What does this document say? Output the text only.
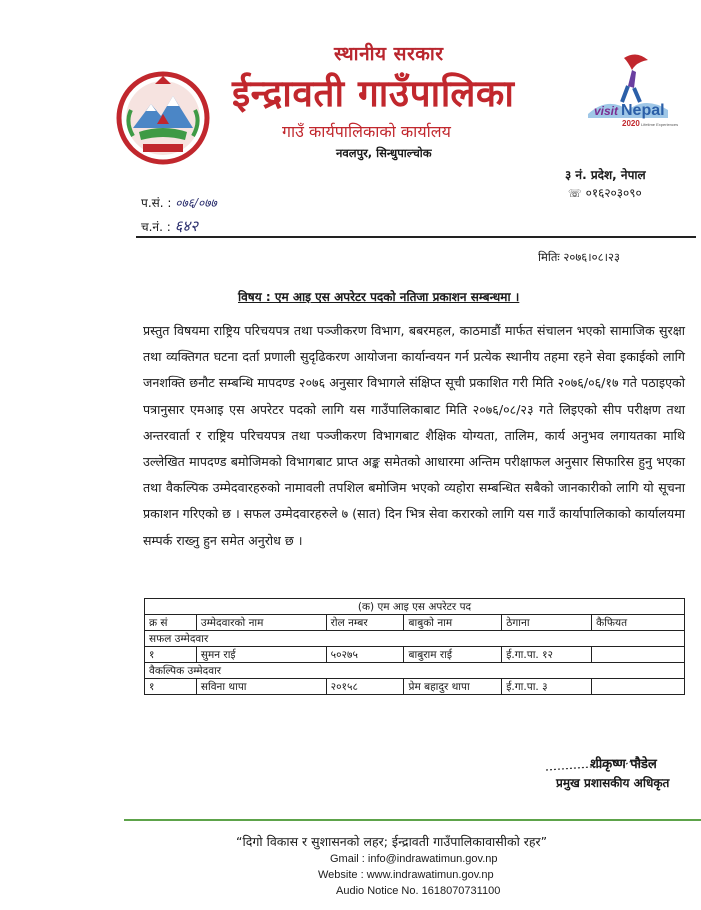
स्थानीय सरकार
ईन्द्रावती गाउँपालिका
गाउँ कार्यपालिकाको कार्यालय
नवलपुर, सिन्धुपाल्चोक
visit Nepal
2020 Lifetime Experiences
३ नं. प्रदेश, नेपाल
☏ ०१६२०३०९०
प.सं. : ०७६/०७७
च.नं. : ६४२
मितिः २०७६।०८।२३
विषय : एम आइ एस अपरेटर पदको नतिजा प्रकाशन सम्बन्धमा ।
प्रस्तुत विषयमा राष्ट्रिय परिचयपत्र तथा पञ्जीकरण विभाग, बबरमहल, काठमाडौं मार्फत संचालन भएको सामाजिक सुरक्षा तथा व्यक्तिगत घटना दर्ता प्रणाली सुदृढिकरण आयोजना कार्यान्वयन गर्न प्रत्येक स्थानीय तहमा रहने सेवा इकाईको लागि जनशक्ति छनौट सम्बन्धि मापदण्ड २०७६ अनुसार विभागले संक्षिप्त सूची प्रकाशित गरी मिति २०७६/०६/१७ गते पठाइएको पत्रानुसार एमआइ एस अपरेटर पदको लागि यस गाउँपालिकाबाट मिति २०७६/०८/२३ गते लिइएको सीप परीक्षण तथा अन्तरवार्ता र राष्ट्रिय परिचयपत्र तथा पञ्जीकरण विभागबाट शैक्षिक योग्यता, तालिम, कार्य अनुभव लगायतका माथि उल्लेखित मापदण्ड बमोजिमको विभागबाट प्राप्त अङ्क समेतको आधारमा अन्तिम परीक्षाफल अनुसार सिफारिस हुनु भएका तथा वैकल्पिक उम्मेदवारहरुको नामावली तपशिल बमोजिम भएको व्यहोरा सम्बन्धित सबैको जानकारीको लागि यो सूचना प्रकाशन गरिएको छ । सफल उम्मेदवारहरुले ७ (सात) दिन भित्र सेवा करारको लागि यस गाउँ कार्यापालिकाको कार्यालयमा सम्पर्क राख्नु हुन समेत अनुरोध छ ।
(क) एम आइ एस अपरेटर पद					
क्र सं	उम्मेदवारको नाम	रोल नम्बर	बाबुको नाम	ठेगाना	कैफियत
सफल उम्मेदवार					
१	सुमन राई	५०२७५	बाबुराम राई	ई.गा.पा. १२	
वैकल्पिक उम्मेदवार					
१	सविना थापा	२०१५८	प्रेम बहादुर थापा	ई.गा.पा. ३	
शीकृष्ण पौडेल
प्रमुख प्रशासकीय अधिकृत
“दिगो विकास र सुशासनको लहर; ईन्द्रावती गाउँपालिकावासीको रहर”
Gmail : info@indrawatimun.gov.np
Website : www.indrawatimun.gov.np
Audio Notice No. 1618070731100
